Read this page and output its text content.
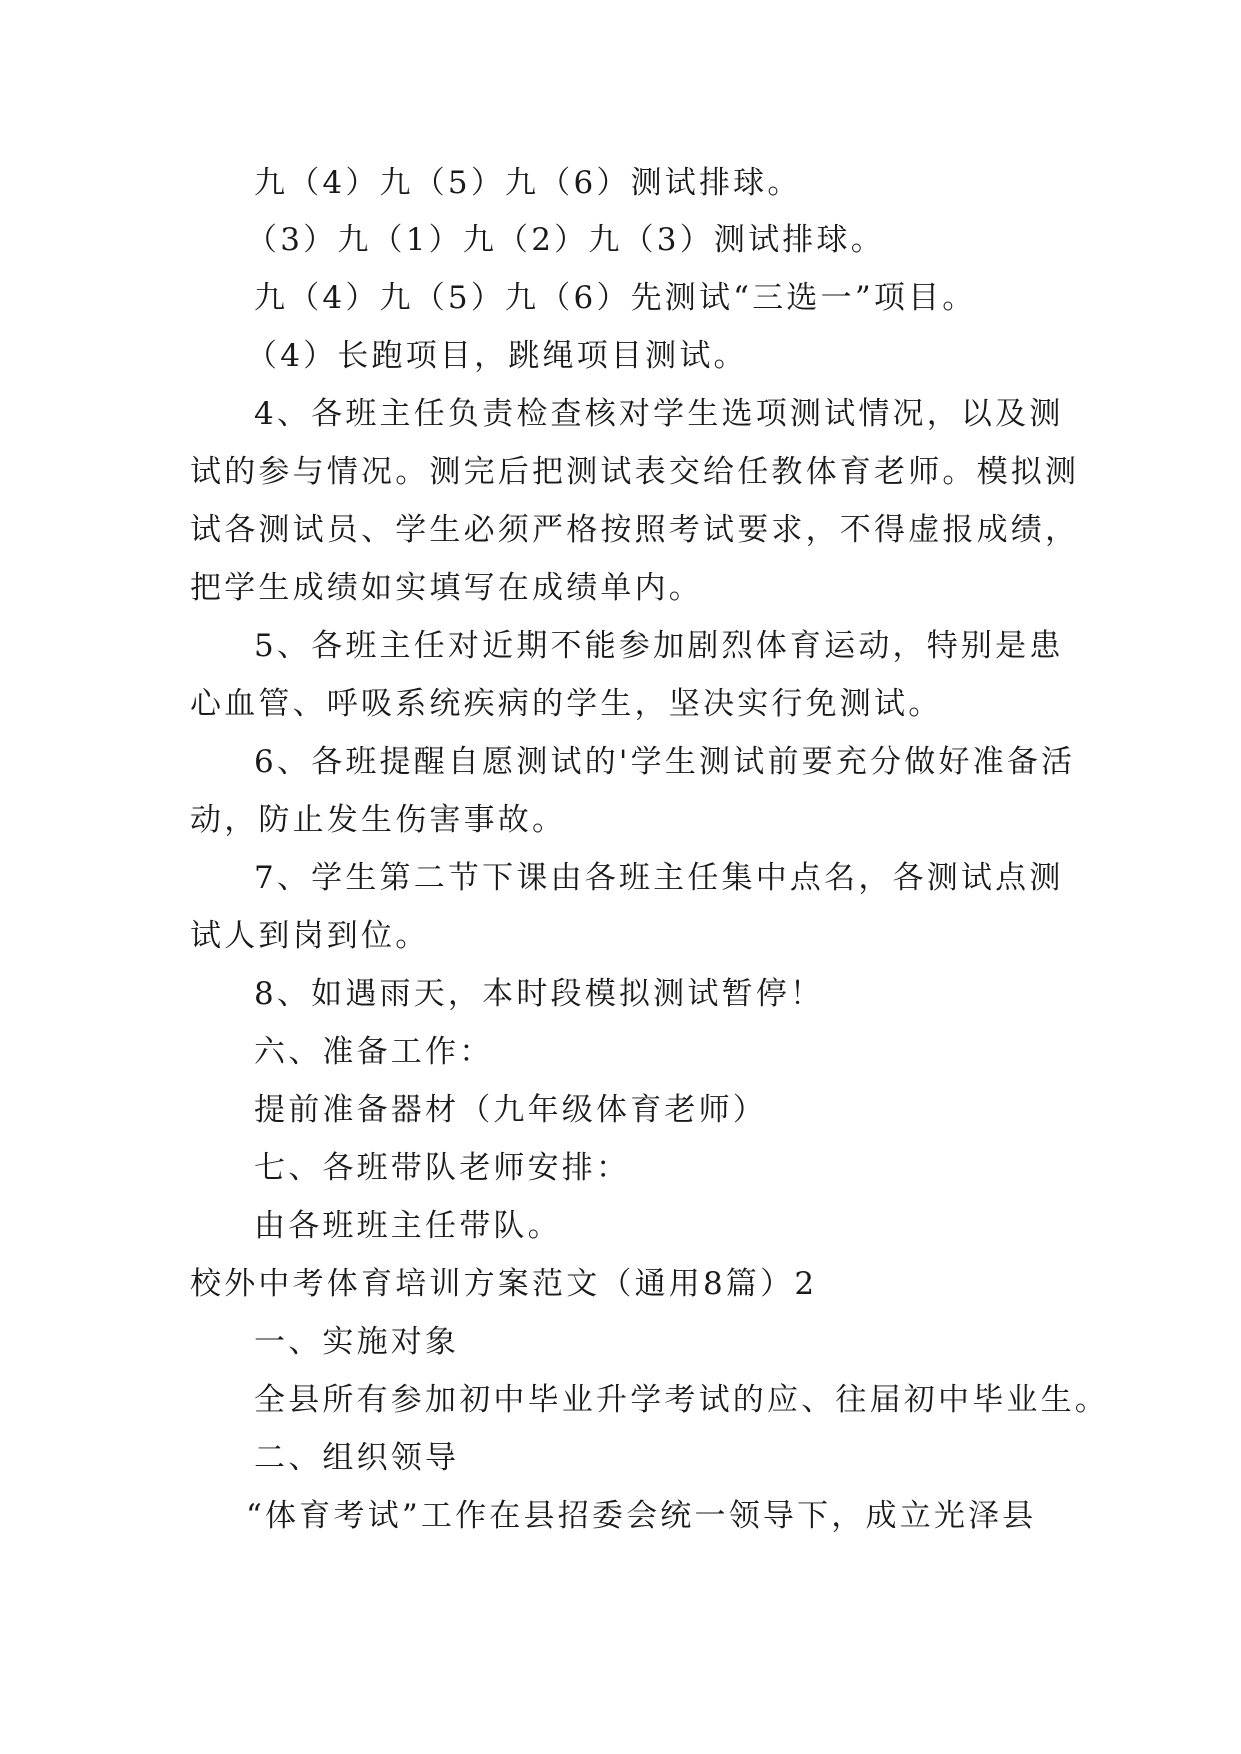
九（4）九（5）九（6）测试排球。
（3）九（1）九（2）九（3）测试排球。
九（4）九（5）九（6）先测试“三选一”项目。
（4）长跑项目，跳绳项目测试。
4、各班主任负责检查核对学生选项测试情况，以及测
试的参与情况。测完后把测试表交给任教体育老师。模拟测
试各测试员、学生必须严格按照考试要求，不得虚报成绩，
把学生成绩如实填写在成绩单内。
5、各班主任对近期不能参加剧烈体育运动，特别是患
心血管、呼吸系统疾病的学生，坚决实行免测试。
6、各班提醒自愿测试的'学生测试前要充分做好准备活
动，防止发生伤害事故。
7、学生第二节下课由各班主任集中点名，各测试点测
试人到岗到位。
8、如遇雨天，本时段模拟测试暂停！
六、准备工作：
提前准备器材（九年级体育老师）
七、各班带队老师安排：
由各班班主任带队。
校外中考体育培训方案范文（通用8篇）2
一、实施对象
全县所有参加初中毕业升学考试的应、往届初中毕业生。
二、组织领导
“体育考试”工作在县招委会统一领导下，成立光泽县
